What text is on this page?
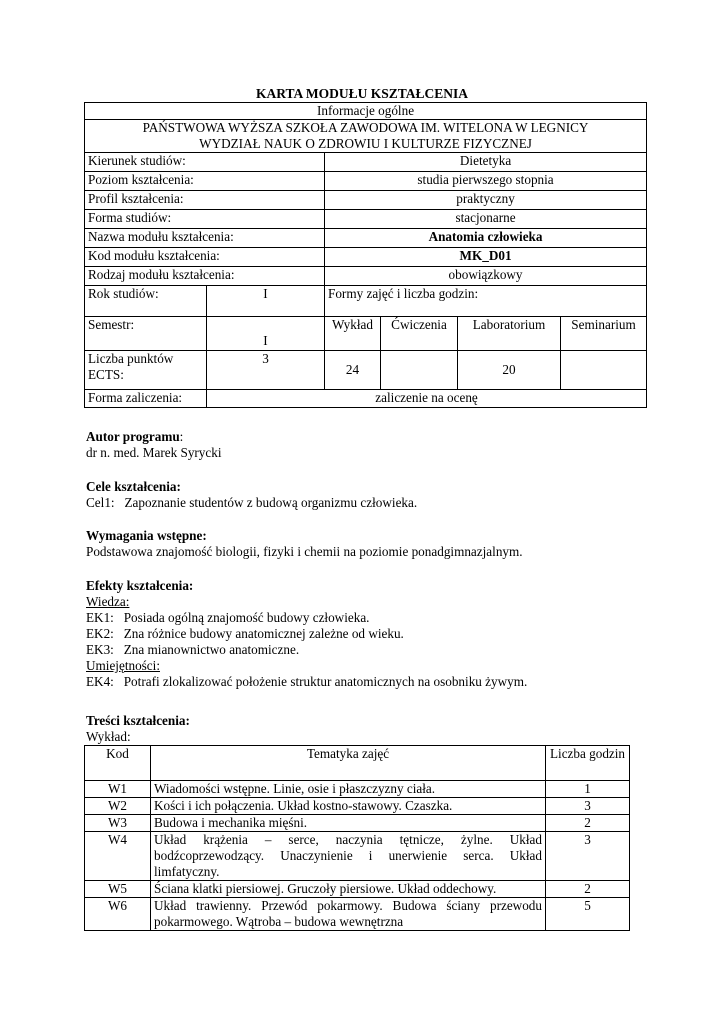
KARTA MODUŁU KSZTAŁCENIA
Informacje ogólne					
PAŃSTWOWA WYŻSZA SZKOŁA ZAWODOWA IM. WITELONA W LEGNICY
WYDZIAŁ NAUK O ZDROWIU I KULTURZE FIZYCZNEJ					
Kierunek studiów:		Dietetyka			
Poziom kształcenia:		studia pierwszego stopnia			
Profil kształcenia:		praktyczny			
Forma studiów:		stacjonarne			
Nazwa modułu kształcenia:		Anatomia człowieka			
Kod modułu kształcenia:		MK_D01			
Rodzaj modułu kształcenia:		obowiązkowy			
Rok studiów:	I	Formy zajęć i liczba godzin:			
Semestr:	I	Wykład	Ćwiczenia	Laboratorium	Seminarium
Liczba punktów ECTS:	3	24		20	
Forma zaliczenia:	zaliczenie na ocenę				
Autor programu:
dr n. med. Marek Syrycki
Cele kształcenia:
Cel1:   Zapoznanie studentów z budową organizmu człowieka.
Wymagania wstępne:
Podstawowa znajomość biologii, fizyki i chemii na poziomie ponadgimnazjalnym.
Efekty kształcenia:
Wiedza:
EK1:   Posiada ogólną znajomość budowy człowieka.
EK2:   Zna różnice budowy anatomicznej zależne od wieku.
EK3:   Zna mianownictwo anatomiczne.
Umiejętności:
EK4:   Potrafi zlokalizować położenie struktur anatomicznych na osobniku żywym.
Treści kształcenia:
Wykład:
Kod	Tematyka zajęć	Liczba godzin
W1	Wiadomości wstępne. Linie, osie i płaszczyzny ciała.	1
W2	Kości i ich połączenia. Układ kostno-stawowy. Czaszka.	3
W3	Budowa i mechanika mięśni.	2
W4	Układ krążenia – serce, naczynia tętnicze, żylne. Układ bodźcoprzewodzący. Unaczynienie i unerwienie serca. Układ limfatyczny.	3
W5	Ściana klatki piersiowej. Gruczoły piersiowe. Układ oddechowy.	2
W6	Układ trawienny. Przewód pokarmowy. Budowa ściany przewodu pokarmowego. Wątroba – budowa wewnętrzna	5
